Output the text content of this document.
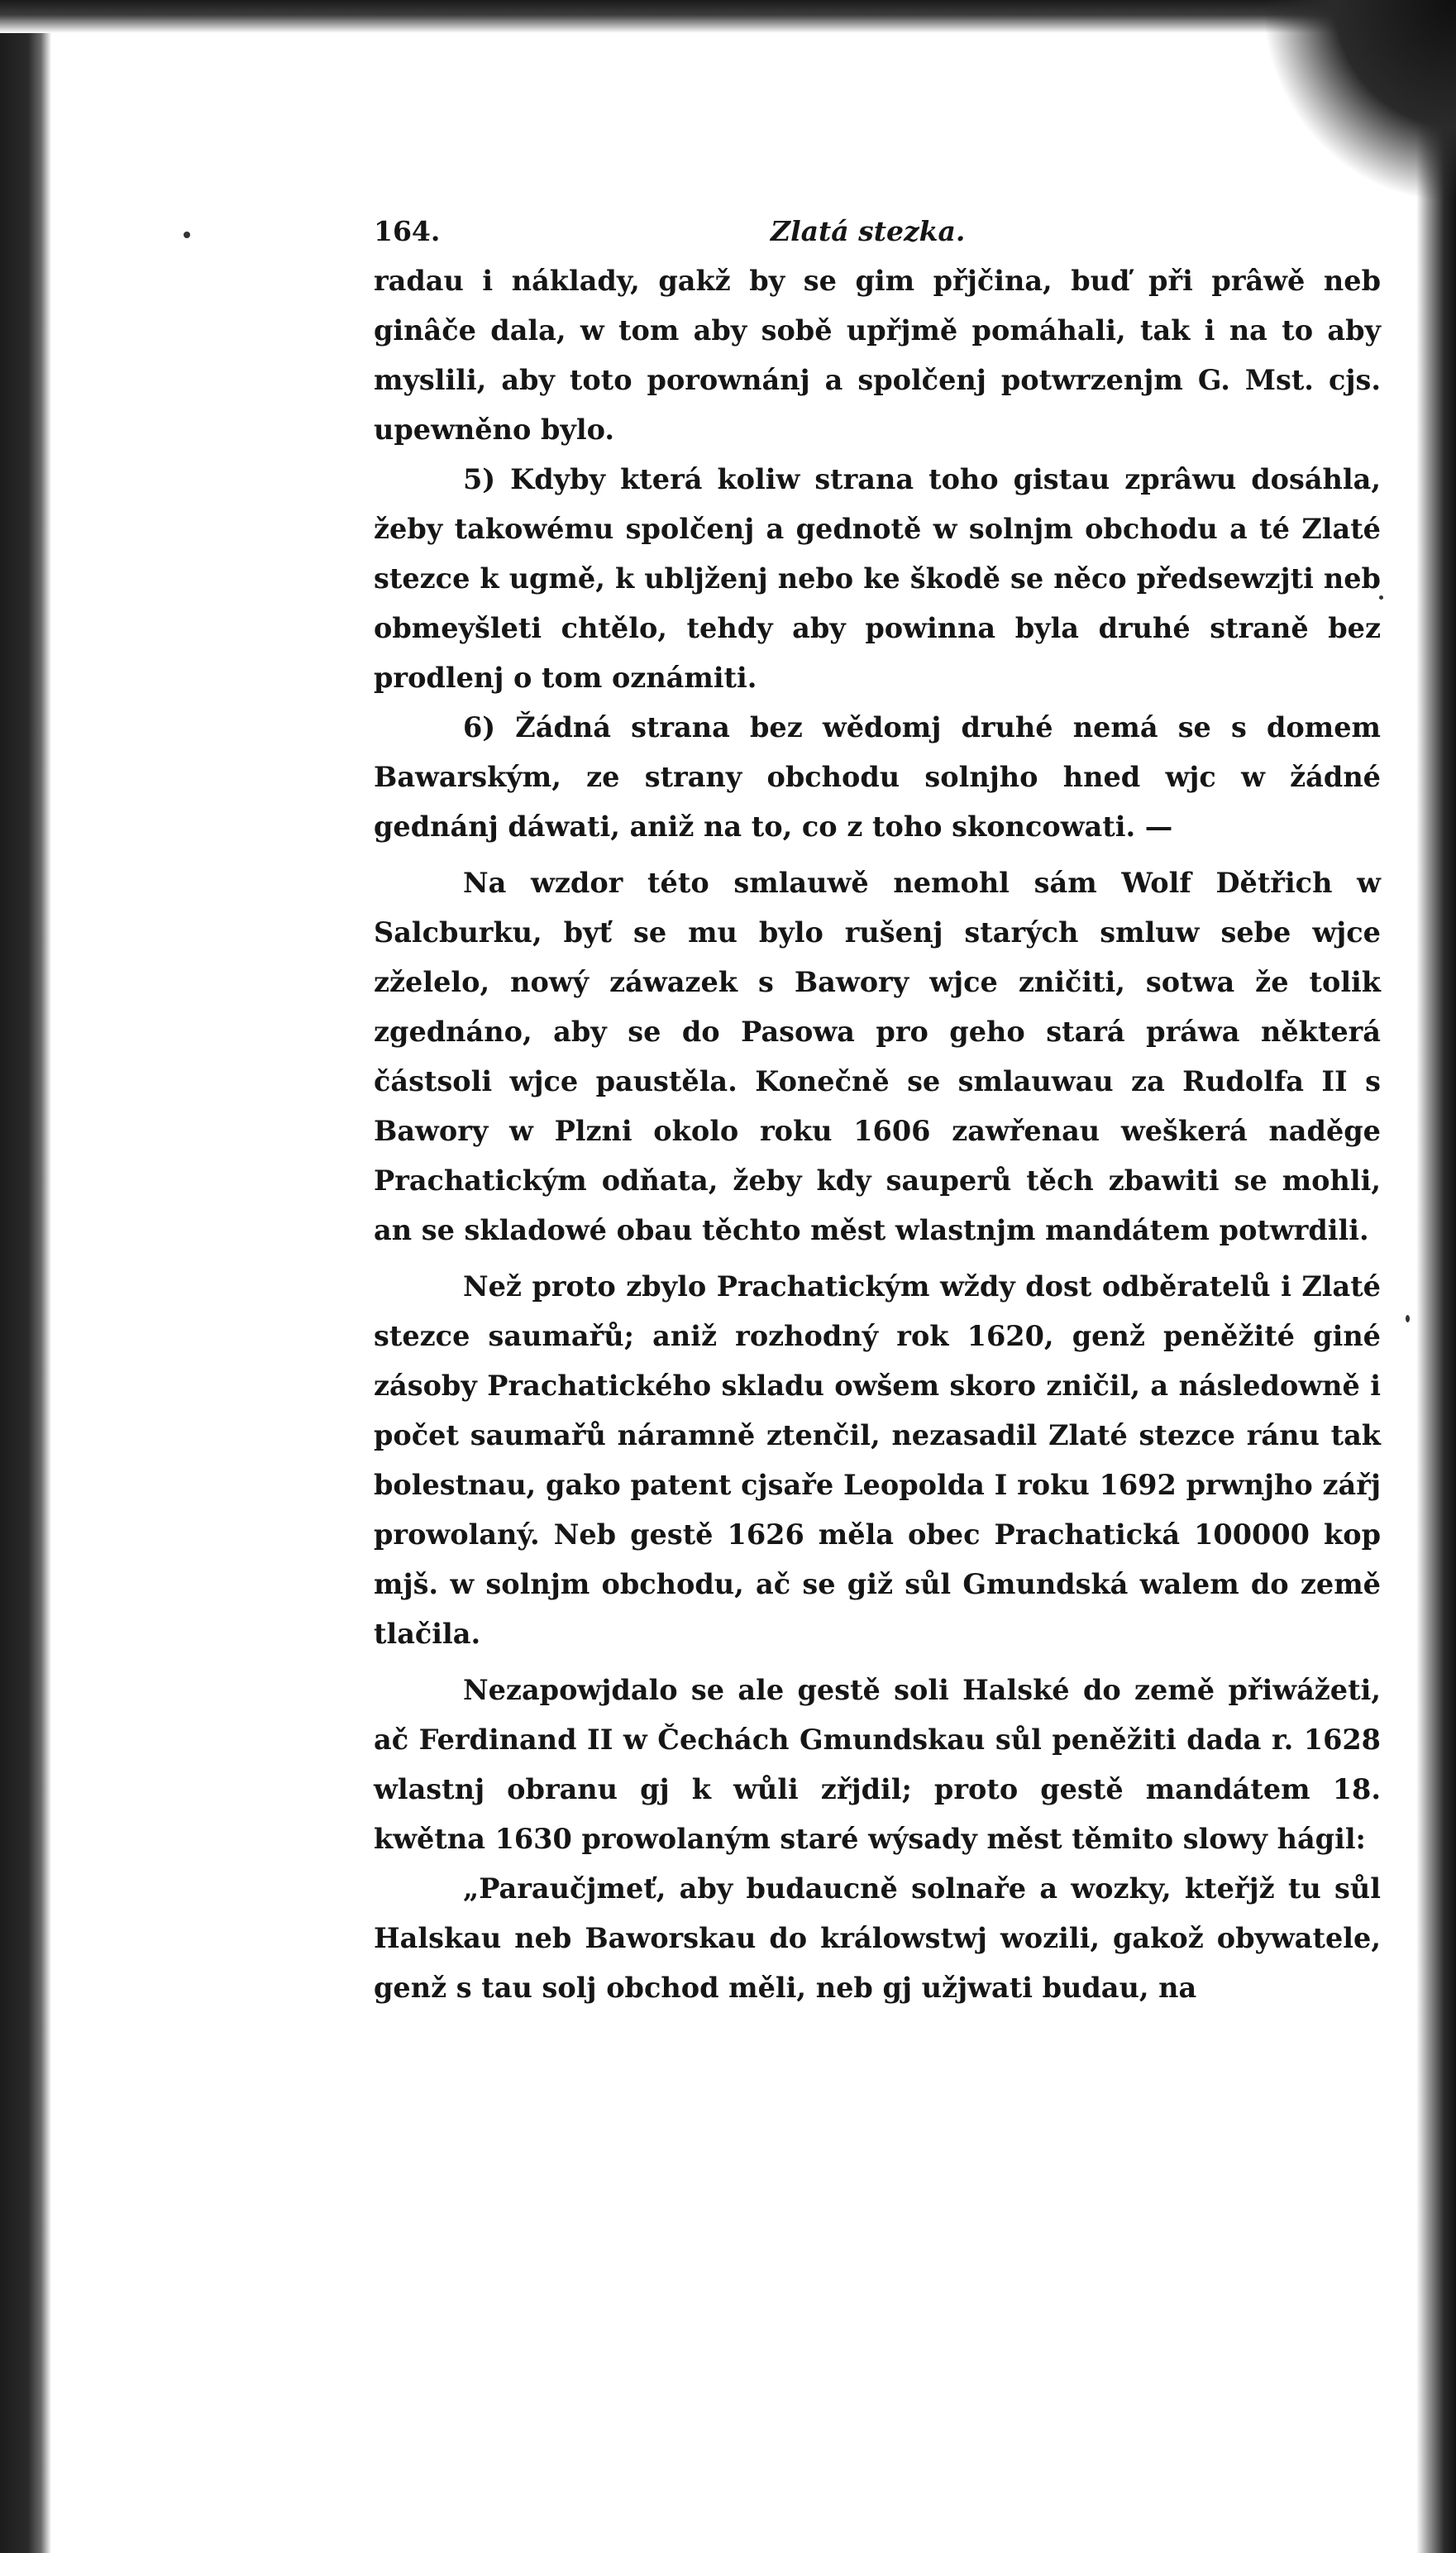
164.	Zlatá stezka.

radau i náklady, gakž by se gim přjčina, buď při prâwě neb ginâče dala, w tom aby sobě upřjmě pomáhali, tak i na to aby myslili, aby toto porownánj a spolčenj potwrzenjm G. Mst. cjs. upewněno bylo.

5) Kdyby která koliw strana toho gistau zprâwu dosáhla, žeby takowému spolčenj a gednotě w solnjm obchodu a té Zlaté stezce k ugmě, k ubljženj nebo ke škodě se něco předsewzjti neb obmeyšleti chtělo, tehdy aby powinna byla druhé straně bez prodlenj o tom oznámiti.

6) Žádná strana bez wědomj druhé nemá se s domem Bawarským, ze strany obchodu solnjho hned wjc w žádné gednánj dáwati, aniž na to, co z toho skoncowati. —

Na wzdor této smlauwě nemohl sám Wolf Dětřich w Salcburku, byť se mu bylo rušenj starých smluw sebe wjce zželelo, nowý záwazek s Bawory wjce zničiti, sotwa že tolik zgednáno, aby se do Pasowa pro geho stará práwa některá částsoli wjce paustěla. Konečně se smlauwau za Rudolfa II s Bawory w Plzni okolo roku 1606 zawřenau weškerá naděge Prachatickým odňata, žeby kdy sauperů těch zbawiti se mohli, an se skladowé obau těchto měst wlastnjm mandátem potwrdili.

Než proto zbylo Prachatickým wždy dost odběratelů i Zlaté stezce saumařů; aniž rozhodný rok 1620, genž peněžité giné zásoby Prachatického skladu owšem skoro zničil, a následowně i počet saumařů náramně ztenčil, nezasadil Zlaté stezce ránu tak bolestnau, gako patent cjsaře Leopolda I roku 1692 prwnjho zářj prowolaný. Neb gestě 1626 měla obec Prachatická 100000 kop mjš. w solnjm obchodu, ač se giž sůl Gmundská walem do země tlačila.

Nezapowjdalo se ale gestě soli Halské do země přiwážeti, ač Ferdinand II w Čechách Gmundskau sůl peněžiti dada r. 1628 wlastnj obranu gj k wůli zřjdil; proto gestě mandátem 18. kwětna 1630 prowolaným staré wýsady měst těmito slowy hágil:

„Paraučjmeť, aby budaucně solnaře a wozky, kteřjž tu sůl Halskau neb Bаworskau do králowstwj wozili, gakož obywatele, genž s tau solj obchod měli, neb gj užjwati budau, na
